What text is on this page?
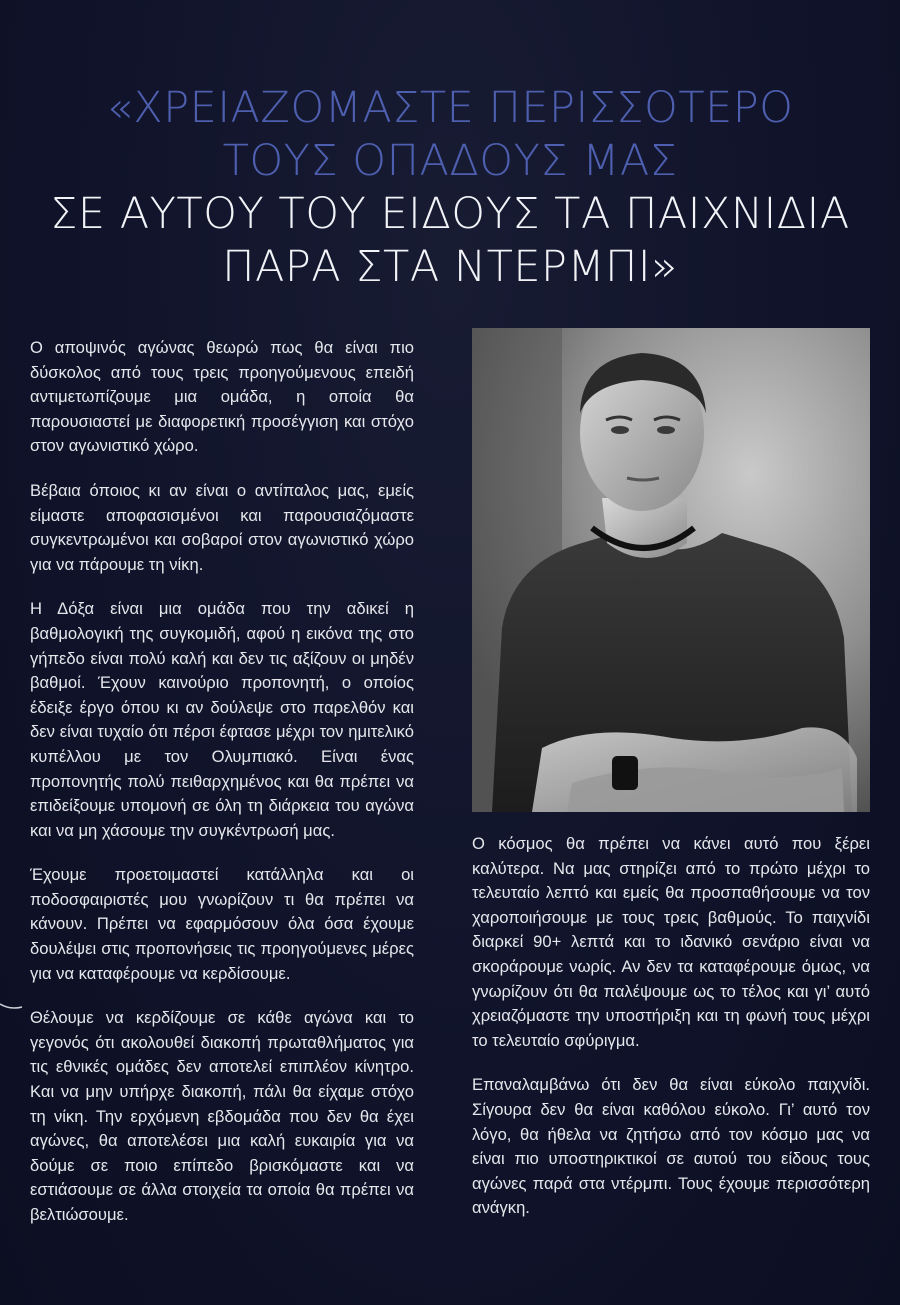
«ΧΡΕΙΑΖΟΜΑΣΤΕ ΠΕΡΙΣΣΟΤΕΡΟ
ΤΟΥΣ ΟΠΑΔΟΥΣ ΜΑΣ
ΣΕ ΑΥΤΟΥ ΤΟΥ ΕΙΔΟΥΣ ΤΑ ΠΑΙΧΝΙΔΙΑ
ΠΑΡΑ ΣΤΑ ΝΤΕΡΜΠΙ»

Ο αποψινός αγώνας θεωρώ πως θα είναι πιο δύσκολος από τους τρεις προηγούμενους επειδή αντιμετωπίζουμε μια ομάδα, η οποία θα παρουσιαστεί με διαφορετική προσέγγιση και στόχο στον αγωνιστικό χώρο.

Βέβαια όποιος κι αν είναι ο αντίπαλος μας, εμείς είμαστε αποφασισμένοι και παρουσιαζόμαστε συγκεντρωμένοι και σοβαροί στον αγωνιστικό χώρο για να πάρουμε τη νίκη.

Η Δόξα είναι μια ομάδα που την αδικεί η βαθμολογική της συγκομιδή, αφού η εικόνα της στο γήπεδο είναι πολύ καλή και δεν τις αξίζουν οι μηδέν βαθμοί. Έχουν καινούριο προπονητή, ο οποίος έδειξε έργο όπου κι αν δούλεψε στο παρελθόν και δεν είναι τυχαίο ότι πέρσι έφτασε μέχρι τον ημιτελικό κυπέλλου με τον Ολυμπιακό. Είναι ένας προπονητής πολύ πειθαρχημένος και θα πρέπει να επιδείξουμε υπομονή σε όλη τη διάρκεια του αγώνα και να μη χάσουμε την συγκέντρωσή μας.

Έχουμε προετοιμαστεί κατάλληλα και οι ποδοσφαιριστές μου γνωρίζουν τι θα πρέπει να κάνουν. Πρέπει να εφαρμόσουν όλα όσα έχουμε δουλέψει στις προπονήσεις τις προηγούμενες μέρες για να καταφέρουμε να κερδίσουμε.

Θέλουμε να κερδίζουμε σε κάθε αγώνα και το γεγονός ότι ακολουθεί διακοπή πρωταθλήματος για τις εθνικές ομάδες δεν αποτελεί επιπλέον κίνητρο. Και να μην υπήρχε διακοπή, πάλι θα είχαμε στόχο τη νίκη. Την ερχόμενη εβδομάδα που δεν θα έχει αγώνες, θα αποτελέσει μια καλή ευκαιρία για να δούμε σε ποιο επίπεδο βρισκόμαστε και να εστιάσουμε σε άλλα στοιχεία τα οποία θα πρέπει να βελτιώσουμε.

Ο κόσμος θα πρέπει να κάνει αυτό που ξέρει καλύτερα. Να μας στηρίζει από το πρώτο μέχρι το τελευταίο λεπτό και εμείς θα προσπαθήσουμε να τον χαροποιήσουμε με τους τρεις βαθμούς. Το παιχνίδι διαρκεί 90+ λεπτά και το ιδανικό σενάριο είναι να σκοράρουμε νωρίς. Αν δεν τα καταφέρουμε όμως, να γνωρίζουν ότι θα παλέψουμε ως το τέλος και γι’ αυτό χρειαζόμαστε την υποστήριξη και τη φωνή τους μέχρι το τελευταίο σφύριγμα.

Επαναλαμβάνω ότι δεν θα είναι εύκολο παιχνίδι. Σίγουρα δεν θα είναι καθόλου εύκολο. Γι’ αυτό τον λόγο, θα ήθελα να ζητήσω από τον κόσμο μας να είναι πιο υποστηρικτικοί σε αυτού του είδους τους αγώνες παρά στα ντέρμπι. Τους έχουμε περισσότερη ανάγκη.
